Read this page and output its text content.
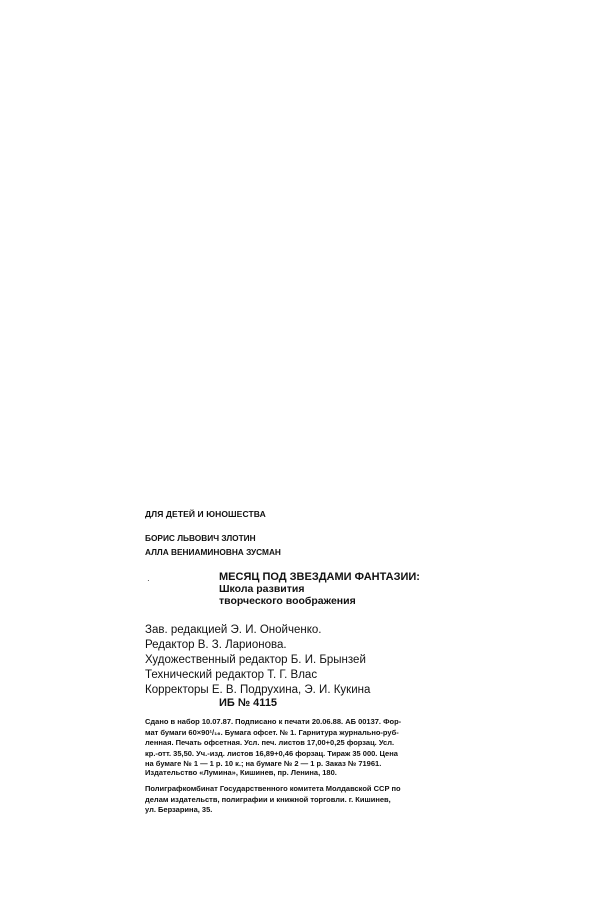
ДЛЯ ДЕТЕЙ И ЮНОШЕСТВА

БОРИС ЛЬВОВИЧ ЗЛОТИН
АЛЛА ВЕНИАМИНОВНА ЗУСМАН
·	МЕСЯЦ ПОД ЗВЕЗДАМИ ФАНТАЗИИ:
Школа развития
творческого воображения
Зав. редакцией Э. И. Онойченко.
Редактор В. З. Ларионова.
Художественный редактор Б. И. Брынзей
Технический редактор Т. Г. Влас
Корректоры Е. В. Подрухина, Э. И. Кукина

ИБ № 4115

Сдано в набор 10.07.87. Подписано к печати 20.06.88. АБ 00137. Фор-
мат бумаги 60×90¹/₁₆. Бумага офсет. № 1. Гарнитура журнально-руб-
ленная. Печать офсетная. Усл. печ. листов 17,00+0,25 форзац. Усл.
кр.-отт. 35,50. Уч.-изд. листов 16,89+0,46 форзац. Тираж 35 000. Цена
на бумаге № 1 — 1 р. 10 к.; на бумаге № 2 — 1 р. Заказ № 71961.

Издательство «Лумина», Кишинев, пр. Ленина, 180.

Полиграфкомбинат Государственного комитета Молдавской ССР по
делам издательств, полиграфии и книжной торговли. г. Кишинев,
ул. Берзарина, 35.
